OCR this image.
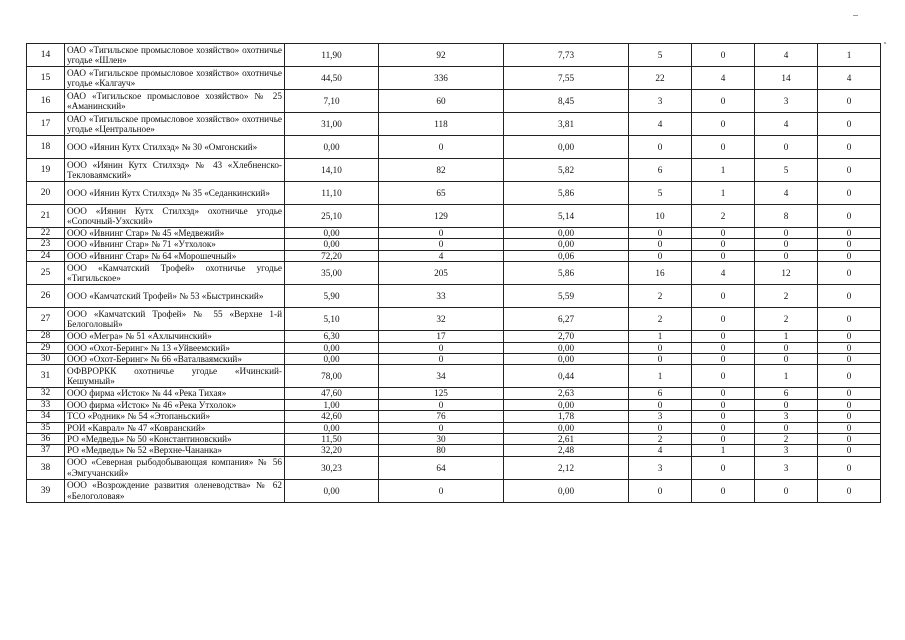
14	ОАО «Тигильское промысловое хозяйство» охотничье угодье «Шлен»	11,90	92	7,73	5	0	4	1
15	ОАО «Тигильское промысловое хозяйство» охотничье угодье «Калгауч»	44,50	336	7,55	22	4	14	4
16	ОАО «Тигильское промысловое хозяйство» № 25 «Аманинский»	7,10	60	8,45	3	0	3	0
17	ОАО «Тигильское промысловое хозяйство» охотничье угодье «Центральное»	31,00	118	3,81	4	0	4	0
18	ООО «Иянин Кутх Стилхэд» № 30 «Омгонский»	0,00	0	0,00	0	0	0	0
19	ООО «Иянин Кутх Стилхэд» № 43 «Хлебненско-Текловаямский»	14,10	82	5,82	6	1	5	0
20	ООО «Иянин Кутх Стилхэд» № 35 «Седанкинский»	11,10	65	5,86	5	1	4	0
21	ООО «Иянин Кутх Стилхэд» охотничье угодье «Сопочный-Уэхский»	25,10	129	5,14	10	2	8	0
22	ООО «Ивнинг Стар» № 45 «Медвежий»	0,00	0	0,00	0	0	0	0
23	ООО «Ивнинг Стар» № 71 «Утхолок»	0,00	0	0,00	0	0	0	0
24	ООО «Ивнинг Стар» № 64 «Морошечный»	72,20	4	0,06	0	0	0	0
25	ООО «Камчатский Трофей» охотничье угодье «Тигильское»	35,00	205	5,86	16	4	12	0
26	ООО «Камчатский Трофей» № 53 «Быстринский»	5,90	33	5,59	2	0	2	0
27	ООО «Камчатский Трофей» № 55 «Верхне 1-й Белоголовый»	5,10	32	6,27	2	0	2	0
28	ООО «Мегра» № 51 «Ахлычинский»	6,30	17	2,70	1	0	1	0
29	ООО «Охот-Беринг» № 13 «Уйвеемский»	0,00	0	0,00	0	0	0	0
30	ООО «Охот-Беринг» № 66 «Ваталваямский»	0,00	0	0,00	0	0	0	0
31	ОФВРОРКК охотничье угодье «Ичинский-Кешумный»	78,00	34	0,44	1	0	1	0
32	ООО фирма «Исток» № 44 «Река Тихая»	47,60	125	2,63	6	0	6	0
33	ООО фирма «Исток» № 46 «Река Утхолок»	1,00	0	0,00	0	0	0	0
34	ТСО «Родник» № 54 «Этопаньский»	42,60	76	1,78	3	0	3	0
35	РОИ «Каврал» № 47 «Ковранский»	0,00	0	0,00	0	0	0	0
36	РО «Медведь» № 50 «Константиновский»	11,50	30	2,61	2	0	2	0
37	РО «Медведь» № 52 «Верхне-Чананка»	32,20	80	2,48	4	1	3	0
38	ООО «Северная рыбодобывающая компания» № 56 «Эмгучанский»	30,23	64	2,12	3	0	3	0
39	ООО «Возрождение развития оленеводства» № 62 «Белоголовая»	0,00	0	0,00	0	0	0	0
